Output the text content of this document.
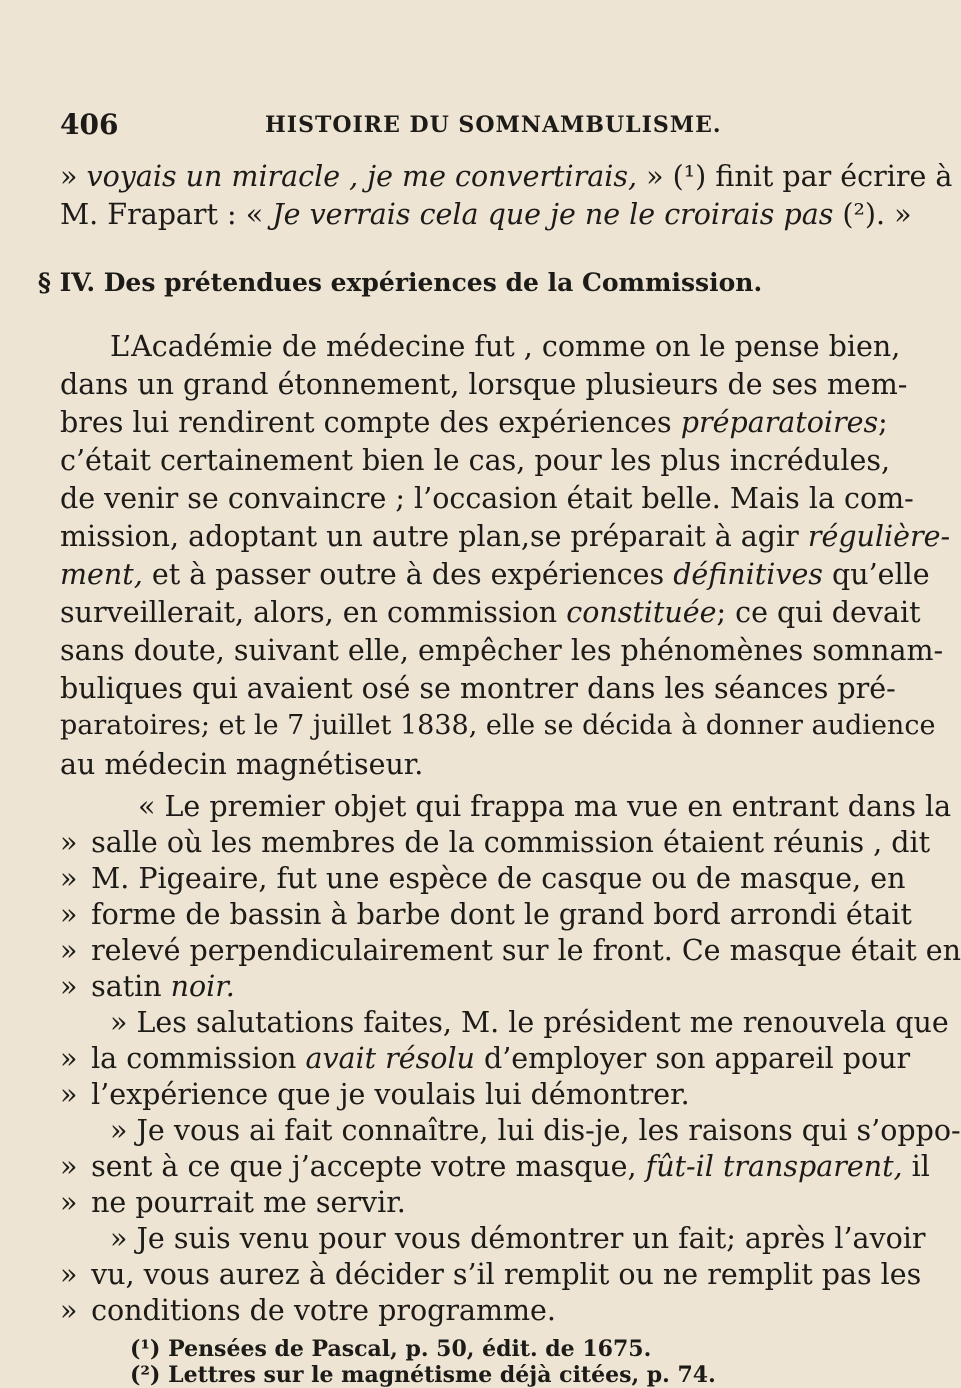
406	HISTOIRE DU SOMNAMBULISME.
» voyais un miracle , je me convertirais, » (¹) finit par écrire à
M. Frapart : « Je verrais cela que je ne le croirais pas (²). »
§ IV. Des prétendues expériences de la Commission.
L’Académie de médecine fut , comme on le pense bien,
dans un grand étonnement, lorsque plusieurs de ses mem-
bres lui rendirent compte des expériences préparatoires;
c’était certainement bien le cas, pour les plus incrédules,
de venir se convaincre ; l’occasion était belle. Mais la com-
mission, adoptant un autre plan,se préparait à agir régulière-
ment, et à passer outre à des expériences définitives qu’elle
surveillerait, alors, en commission constituée; ce qui devait
sans doute, suivant elle, empêcher les phénomènes somnam-
buliques qui avaient osé se montrer dans les séances pré-
paratoires; et le 7 juillet 1838, elle se décida à donner audience
au médecin magnétiseur.
« Le premier objet qui frappa ma vue en entrant dans la
» salle où les membres de la commission étaient réunis , dit
» M. Pigeaire, fut une espèce de casque ou de masque, en
» forme de bassin à barbe dont le grand bord arrondi était
» relevé perpendiculairement sur le front. Ce masque était en
» satin noir.
» Les salutations faites, M. le président me renouvela que
» la commission avait résolu d’employer son appareil pour
» l’expérience que je voulais lui démontrer.
» Je vous ai fait connaître, lui dis-je, les raisons qui s’oppo-
» sent à ce que j’accepte votre masque, fût-il transparent, il
» ne pourrait me servir.
» Je suis venu pour vous démontrer un fait; après l’avoir
» vu, vous aurez à décider s’il remplit ou ne remplit pas les
» conditions de votre programme.
(¹) Pensées de Pascal, p. 50, édit. de 1675.
(²) Lettres sur le magnétisme déjà citées, p. 74.
